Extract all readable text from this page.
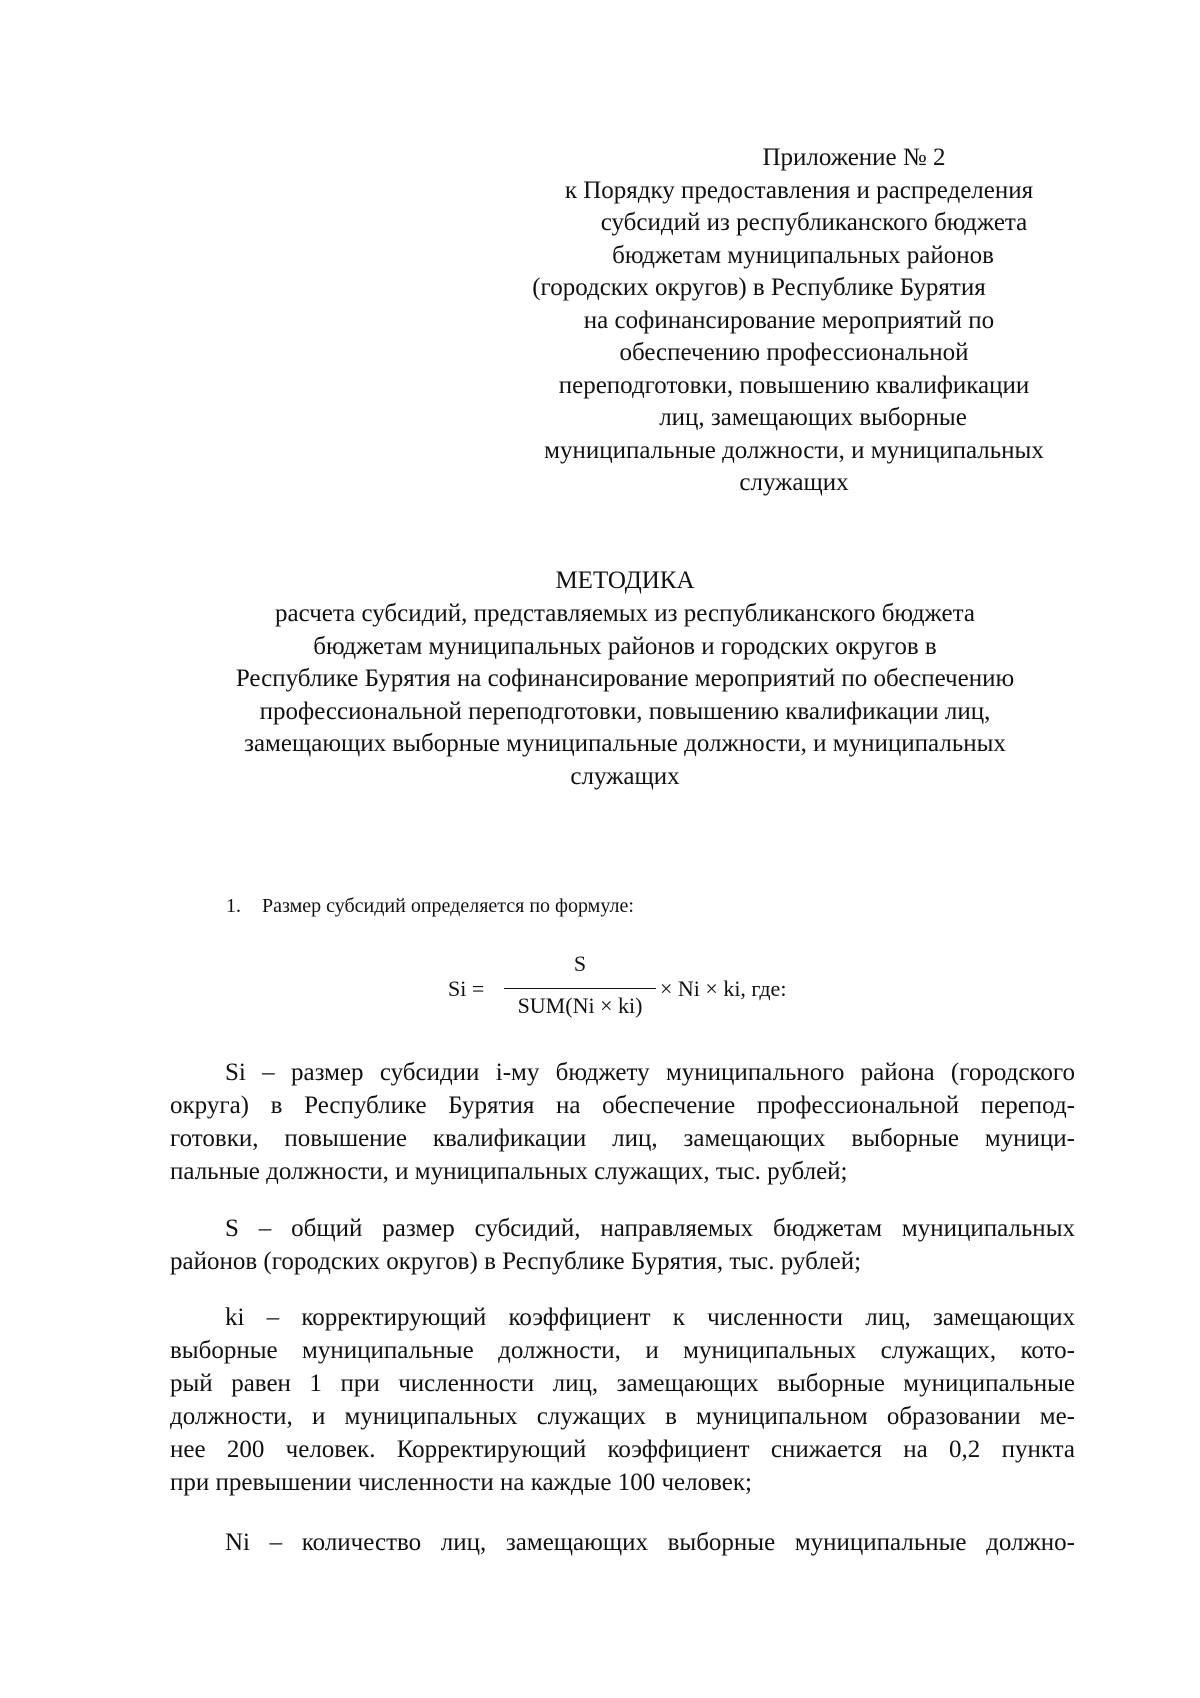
Приложение № 2
к Порядку предоставления и распределения
субсидий из республиканского бюджета
бюджетам муниципальных районов
(городских округов) в Республике Бурятия
на софинансирование мероприятий по
обеспечению профессиональной
переподготовки, повышению квалификации
лиц, замещающих выборные
муниципальные должности, и муниципальных
служащих
МЕТОДИКА
расчета субсидий, представляемых из республиканского бюджета
бюджетам муниципальных районов и городских округов в
Республике Бурятия на софинансирование мероприятий по обеспечению
профессиональной переподготовки, повышению квалификации лиц,
замещающих выборные муниципальные должности, и муниципальных
служащих
1. Размер субсидий определяется по формуле:
Si =
S
SUM(Ni × ki)
× Ni × ki, где:
Si – размер субсидии i-му бюджету муниципального района (городского
округа) в Республике Бурятия на обеспечение профессиональной перепод-
готовки, повышение квалификации лиц, замещающих выборные муници-
пальные должности, и муниципальных служащих, тыс. рублей;
S – общий размер субсидий, направляемых бюджетам муниципальных
районов (городских округов) в Республике Бурятия, тыс. рублей;
ki – корректирующий коэффициент к численности лиц, замещающих
выборные муниципальные должности, и муниципальных служащих, кото-
рый равен 1 при численности лиц, замещающих выборные муниципальные
должности, и муниципальных служащих в муниципальном образовании ме-
нее 200 человек. Корректирующий коэффициент снижается на 0,2 пункта
при превышении численности на каждые 100 человек;
Ni – количество лиц, замещающих выборные муниципальные должно-
